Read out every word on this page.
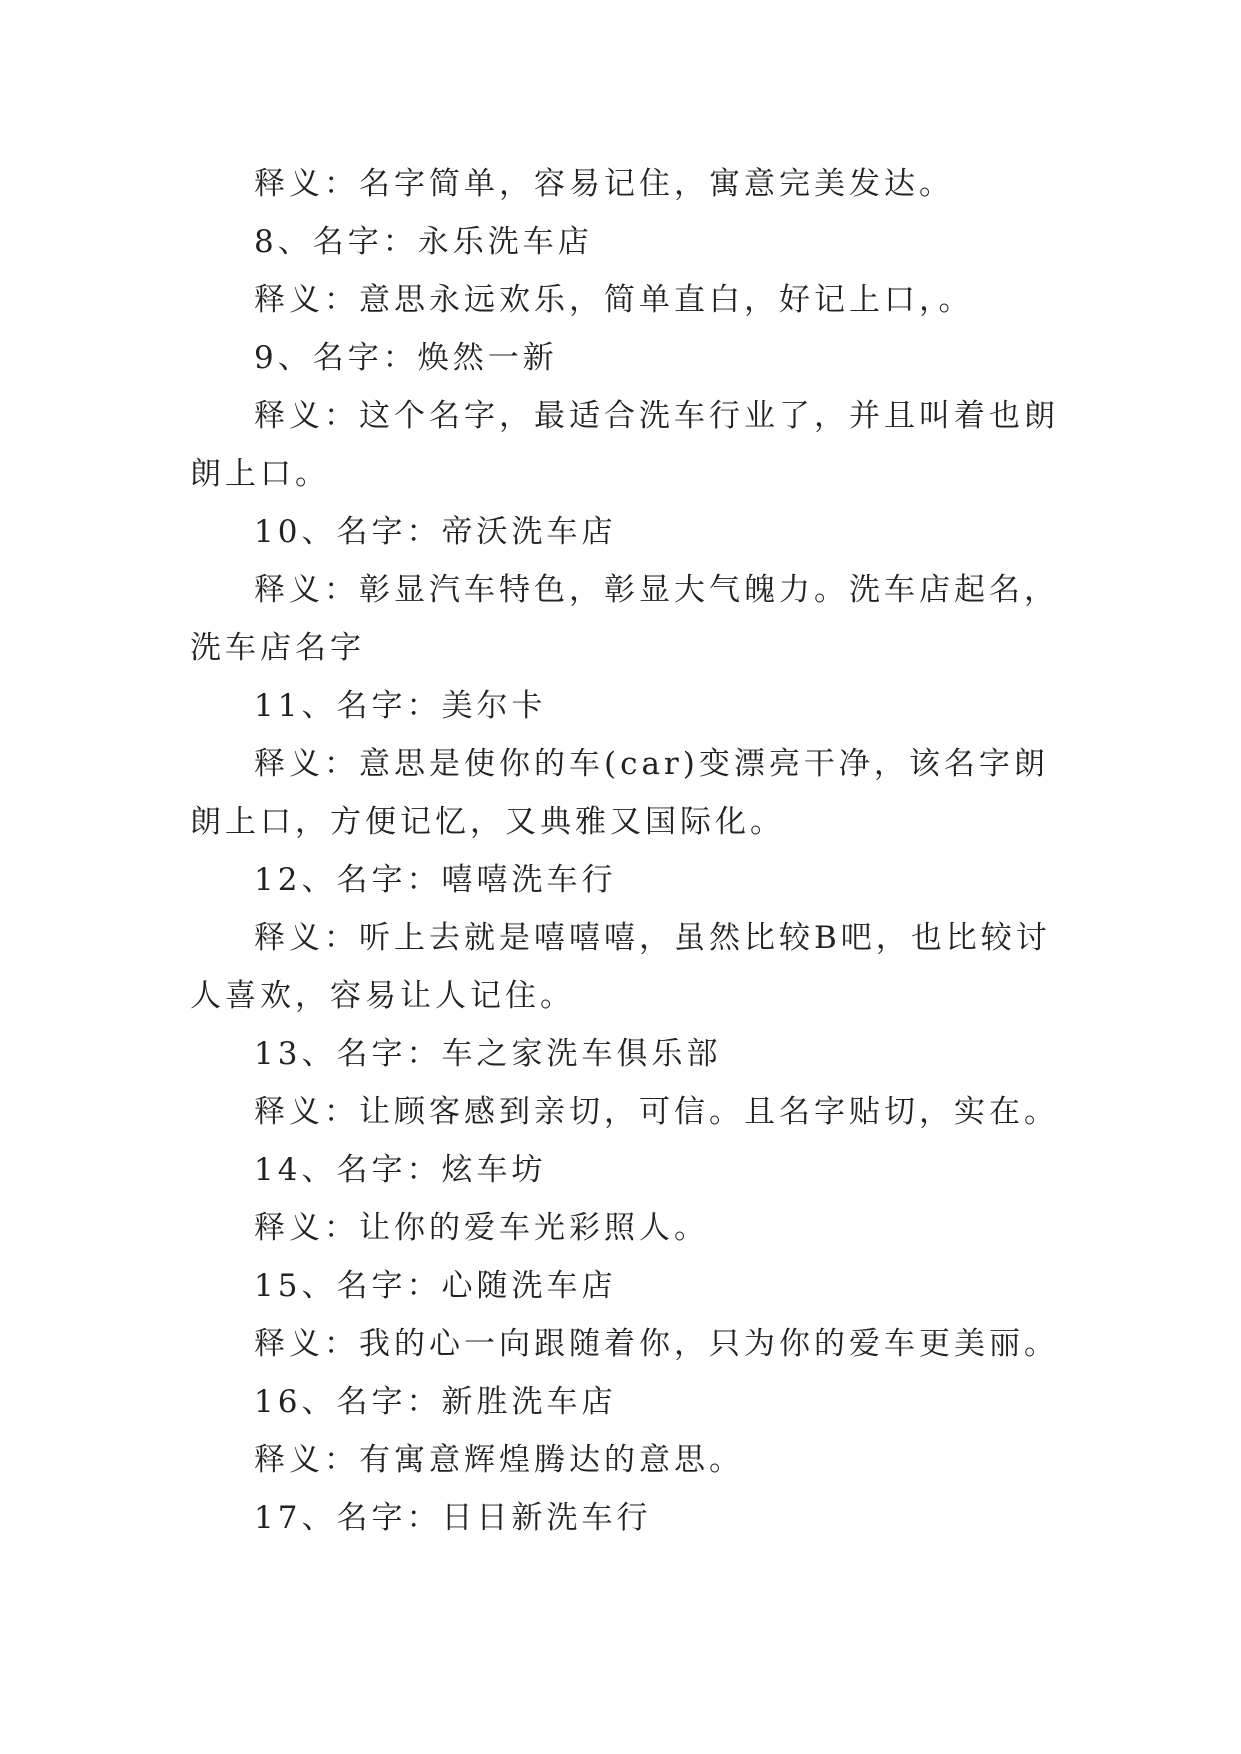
释义：名字简单，容易记住，寓意完美发达。

8、名字：永乐洗车店

释义：意思永远欢乐，简单直白，好记上口，。

9、名字：焕然一新

释义：这个名字，最适合洗车行业了，并且叫着也朗朗上口。

10、名字：帝沃洗车店

释义：彰显汽车特色，彰显大气魄力。洗车店起名，洗车店名字

11、名字：美尔卡

释义：意思是使你的车(car)变漂亮干净，该名字朗朗上口，方便记忆，又典雅又国际化。

12、名字：嘻嘻洗车行

释义：听上去就是嘻嘻嘻，虽然比较B吧，也比较讨人喜欢，容易让人记住。

13、名字：车之家洗车俱乐部

释义：让顾客感到亲切，可信。且名字贴切，实在。

14、名字：炫车坊

释义：让你的爱车光彩照人。

15、名字：心随洗车店

释义：我的心一向跟随着你，只为你的爱车更美丽。

16、名字：新胜洗车店

释义：有寓意辉煌腾达的意思。

17、名字：日日新洗车行
